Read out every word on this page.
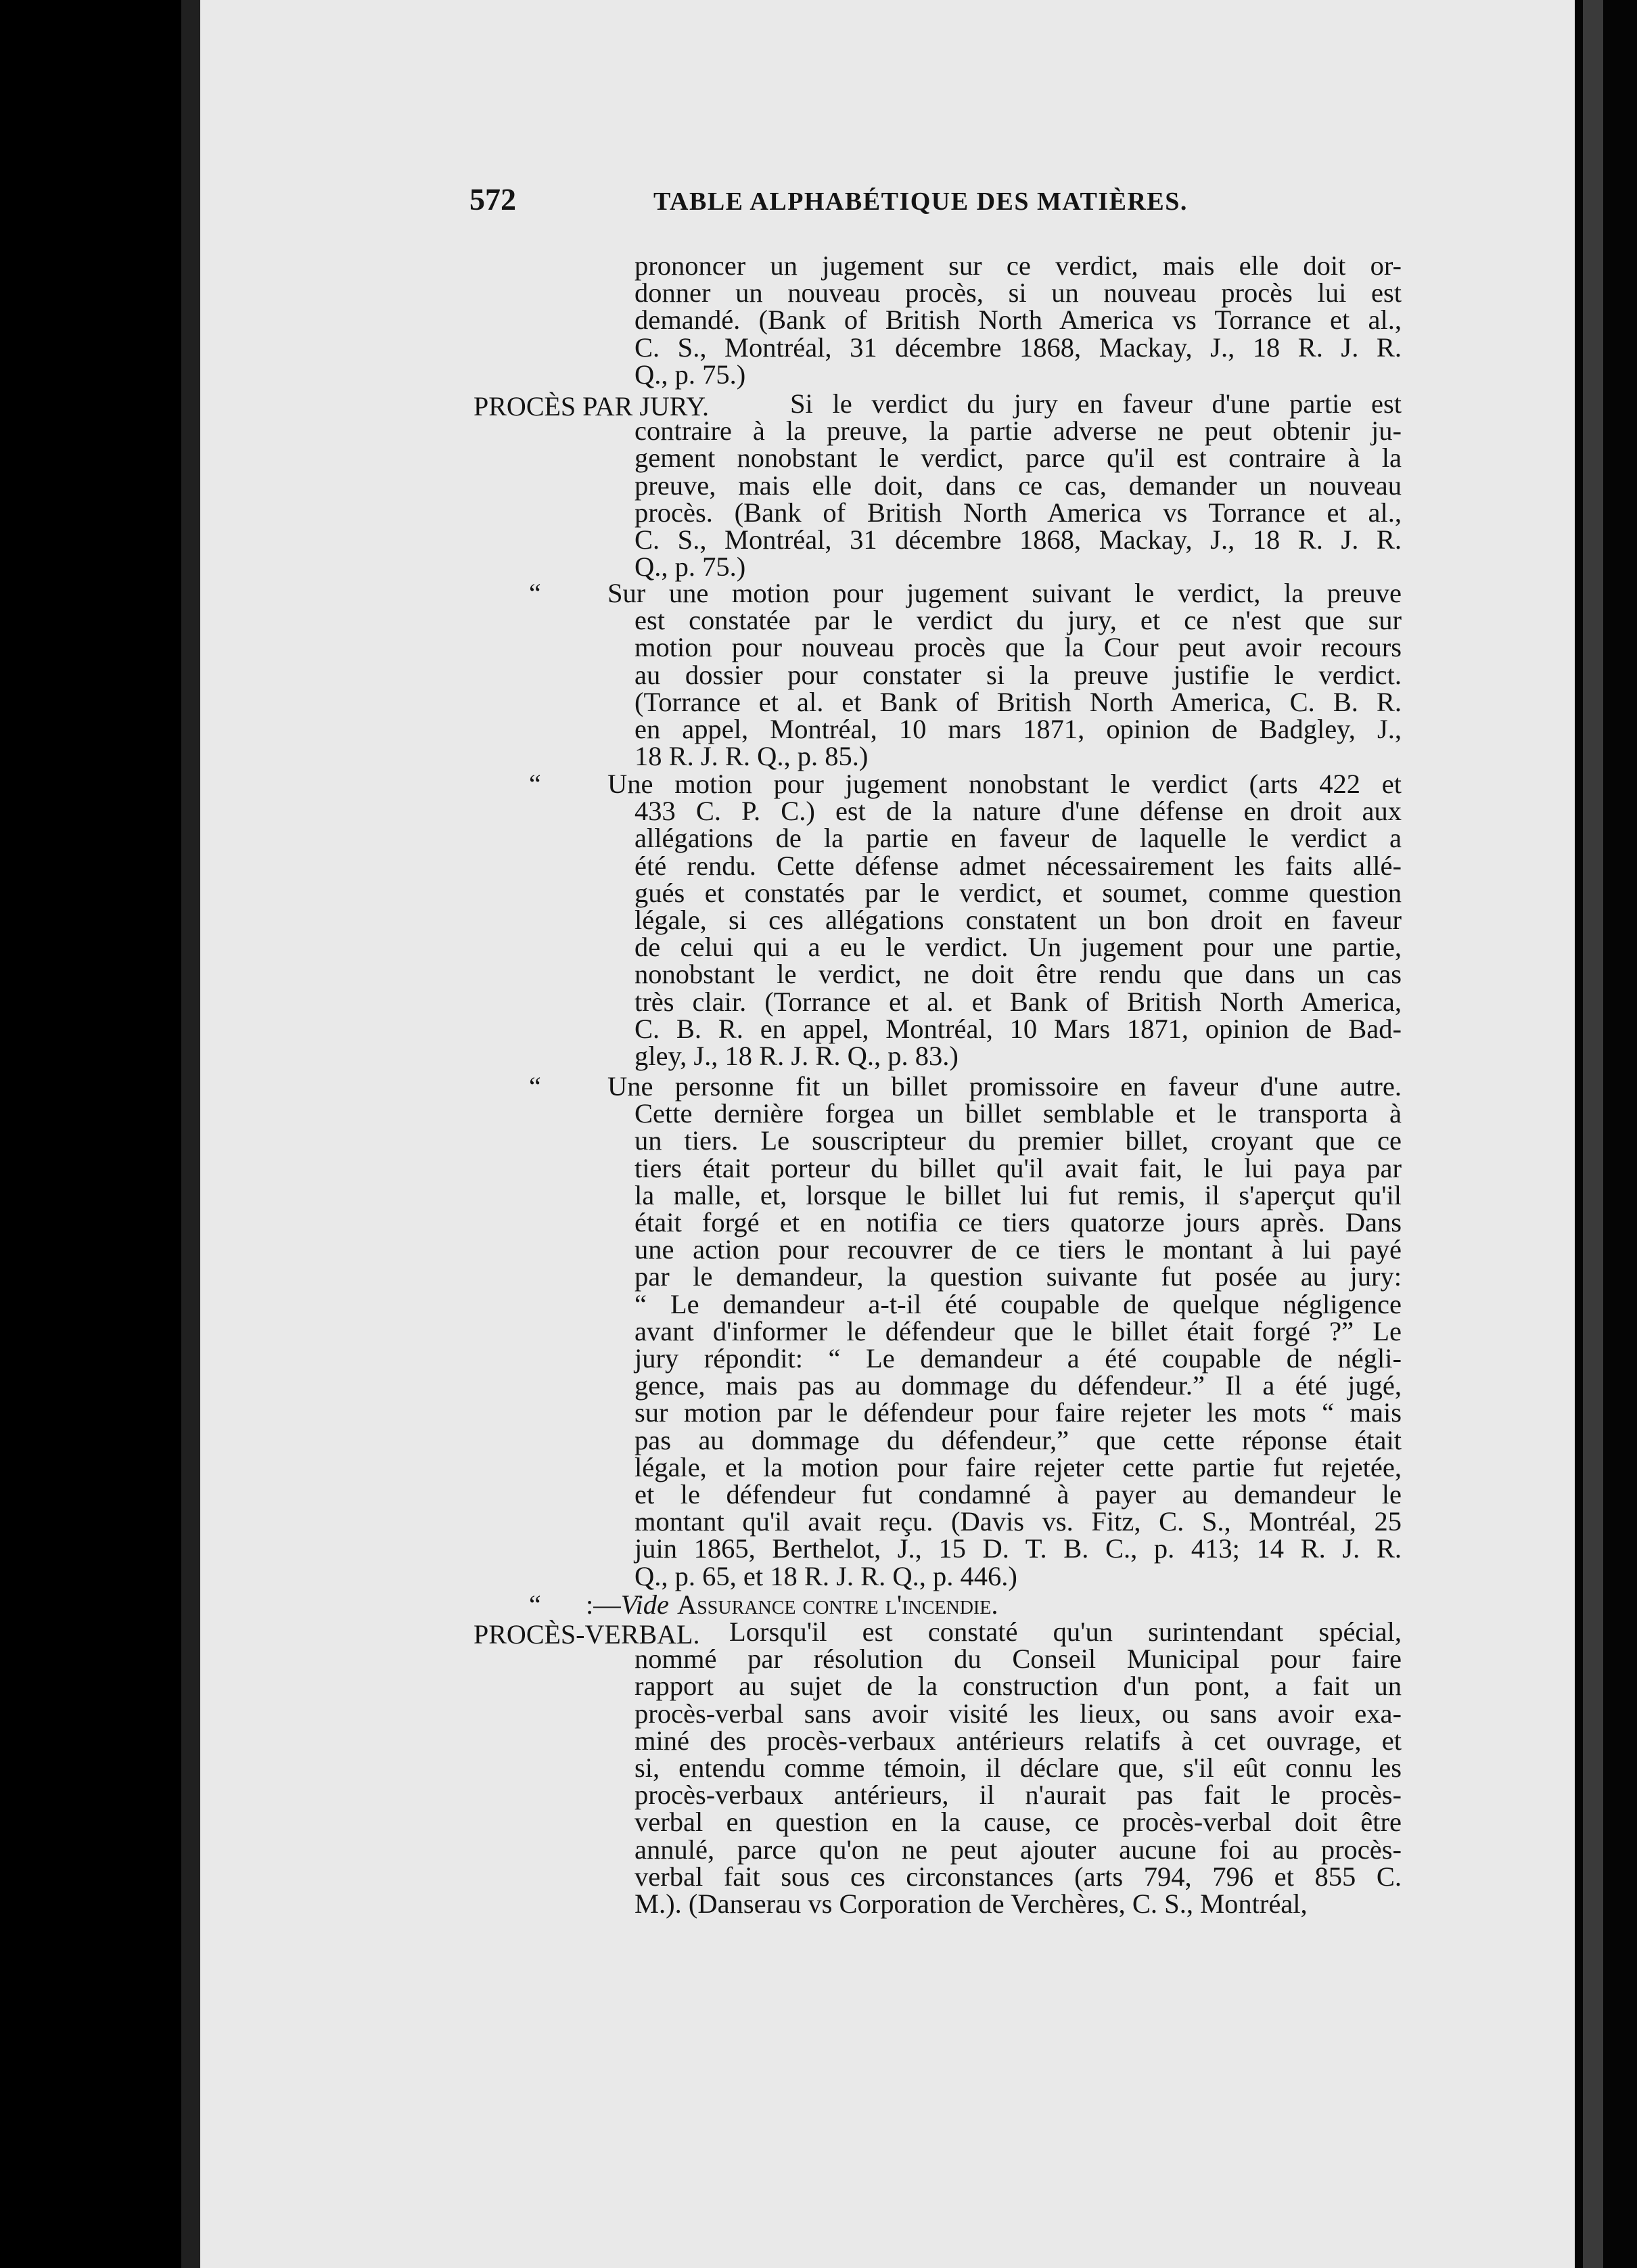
572	TABLE ALPHABÉTIQUE DES MATIÈRES.
prononcer un jugement sur ce verdict, mais elle doit or-
donner un nouveau procès, si un nouveau procès lui est
demandé. (Bank of British North America vs Torrance et al.,
C. S., Montréal, 31 décembre 1868, Mackay, J., 18 R. J. R.
Q., p. 75.)
PROCÈS PAR JURY.	Si le verdict du jury en faveur d'une partie est
contraire à la preuve, la partie adverse ne peut obtenir ju-
gement nonobstant le verdict, parce qu'il est contraire à la
preuve, mais elle doit, dans ce cas, demander un nouveau
procès. (Bank of British North America vs Torrance et al.,
C. S., Montréal, 31 décembre 1868, Mackay, J., 18 R. J. R.
Q., p. 75.)
“ Sur une motion pour jugement suivant le verdict, la preuve
est constatée par le verdict du jury, et ce n'est que sur
motion pour nouveau procès que la Cour peut avoir recours
au dossier pour constater si la preuve justifie le verdict.
(Torrance et al. et Bank of British North America, C. B. R.
en appel, Montréal, 10 mars 1871, opinion de Badgley, J.,
18 R. J. R. Q., p. 85.)
“ Une motion pour jugement nonobstant le verdict (arts 422 et
433 C. P. C.) est de la nature d'une défense en droit aux
allégations de la partie en faveur de laquelle le verdict a
été rendu. Cette défense admet nécessairement les faits allé-
gués et constatés par le verdict, et soumet, comme question
légale, si ces allégations constatent un bon droit en faveur
de celui qui a eu le verdict. Un jugement pour une partie,
nonobstant le verdict, ne doit être rendu que dans un cas
très clair. (Torrance et al. et Bank of British North America,
C. B. R. en appel, Montréal, 10 Mars 1871, opinion de Bad-
gley, J., 18 R. J. R. Q., p. 83.)
“ Une personne fit un billet promissoire en faveur d'une autre.
Cette dernière forgea un billet semblable et le transporta à
un tiers. Le souscripteur du premier billet, croyant que ce
tiers était porteur du billet qu'il avait fait, le lui paya par
la malle, et, lorsque le billet lui fut remis, il s'aperçut qu'il
était forgé et en notifia ce tiers quatorze jours après. Dans
une action pour recouvrer de ce tiers le montant à lui payé
par le demandeur, la question suivante fut posée au jury:
“ Le demandeur a-t-il été coupable de quelque négligence
avant d'informer le défendeur que le billet était forgé ?” Le
jury répondit: “ Le demandeur a été coupable de négli-
gence, mais pas au dommage du défendeur.” Il a été jugé,
sur motion par le défendeur pour faire rejeter les mots “ mais
pas au dommage du défendeur,” que cette réponse était
légale, et la motion pour faire rejeter cette partie fut rejetée,
et le défendeur fut condamné à payer au demandeur le
montant qu'il avait reçu. (Davis vs. Fitz, C. S., Montréal, 25
juin 1865, Berthelot, J., 15 D. T. B. C., p. 413; 14 R. J. R.
Q., p. 65, et 18 R. J. R. Q., p. 446.)
“ :—Vide Assurance contre l'incendie.
PROCÈS-VERBAL. Lorsqu'il est constaté qu'un surintendant spécial,
nommé par résolution du Conseil Municipal pour faire
rapport au sujet de la construction d'un pont, a fait un
procès-verbal sans avoir visité les lieux, ou sans avoir exa-
miné des procès-verbaux antérieurs relatifs à cet ouvrage, et
si, entendu comme témoin, il déclare que, s'il eût connu les
procès-verbaux antérieurs, il n'aurait pas fait le procès-
verbal en question en la cause, ce procès-verbal doit être
annulé, parce qu'on ne peut ajouter aucune foi au procès-
verbal fait sous ces circonstances (arts 794, 796 et 855 C.
M.). (Danserau vs Corporation de Verchères, C. S., Montréal,
